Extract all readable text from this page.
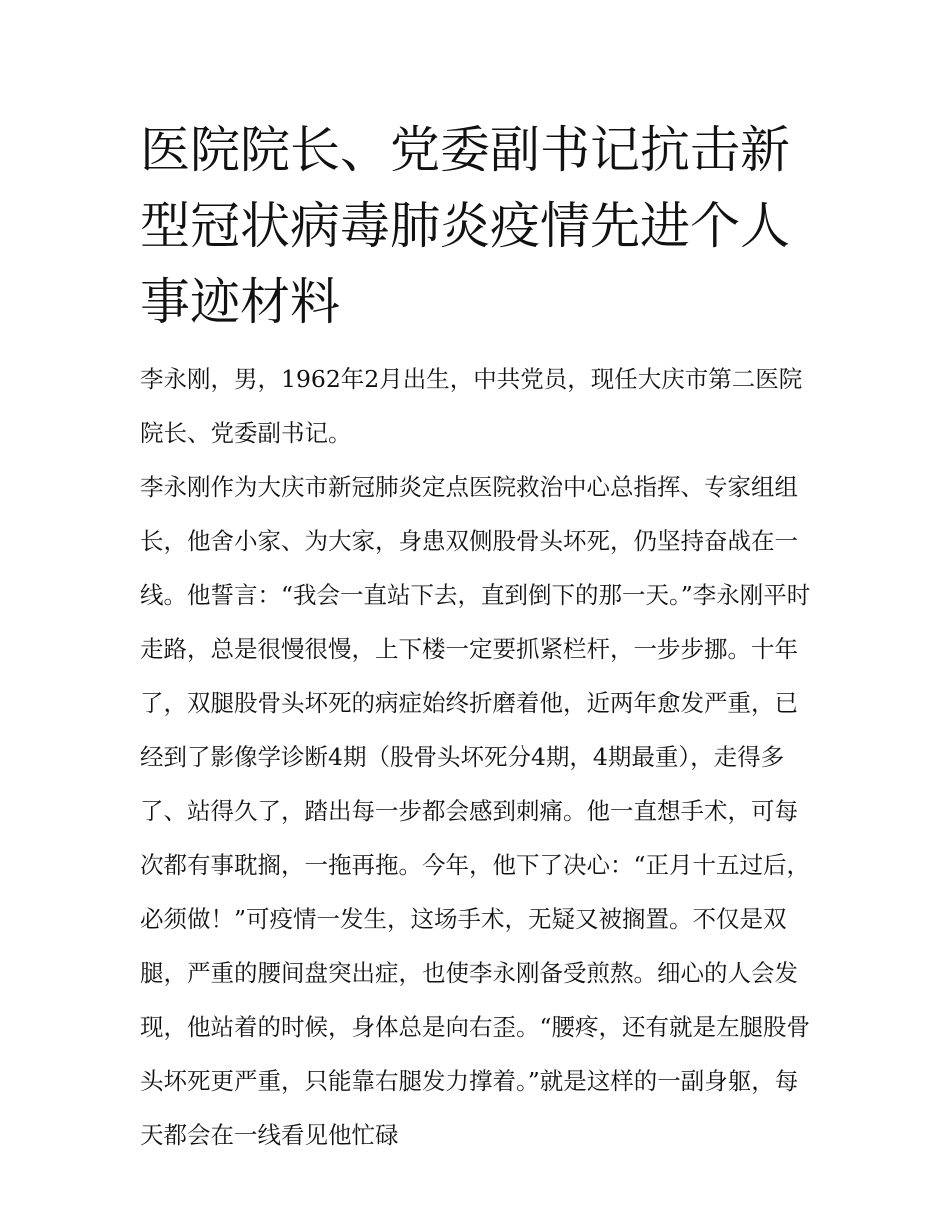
医院院长、党委副书记抗击新型冠状病毒肺炎疫情先进个人事迹材料

李永刚，男，1962年2月出生，中共党员，现任大庆市第二医院院长、党委副书记。

李永刚作为大庆市新冠肺炎定点医院救治中心总指挥、专家组组长，他舍小家、为大家，身患双侧股骨头坏死，仍坚持奋战在一线。他誓言：“我会一直站下去，直到倒下的那一天。”李永刚平时走路，总是很慢很慢，上下楼一定要抓紧栏杆，一步步挪。十年了，双腿股骨头坏死的病症始终折磨着他，近两年愈发严重，已经到了影像学诊断4期（股骨头坏死分4期，4期最重），走得多了、站得久了，踏出每一步都会感到刺痛。他一直想手术，可每次都有事耽搁，一拖再拖。今年，他下了决心：“正月十五过后，必须做！”可疫情一发生，这场手术，无疑又被搁置。不仅是双腿，严重的腰间盘突出症，也使李永刚备受煎熬。细心的人会发现，他站着的时候，身体总是向右歪。“腰疼，还有就是左腿股骨头坏死更严重，只能靠右腿发力撑着。”就是这样的一副身躯，每天都会在一线看见他忙碌
